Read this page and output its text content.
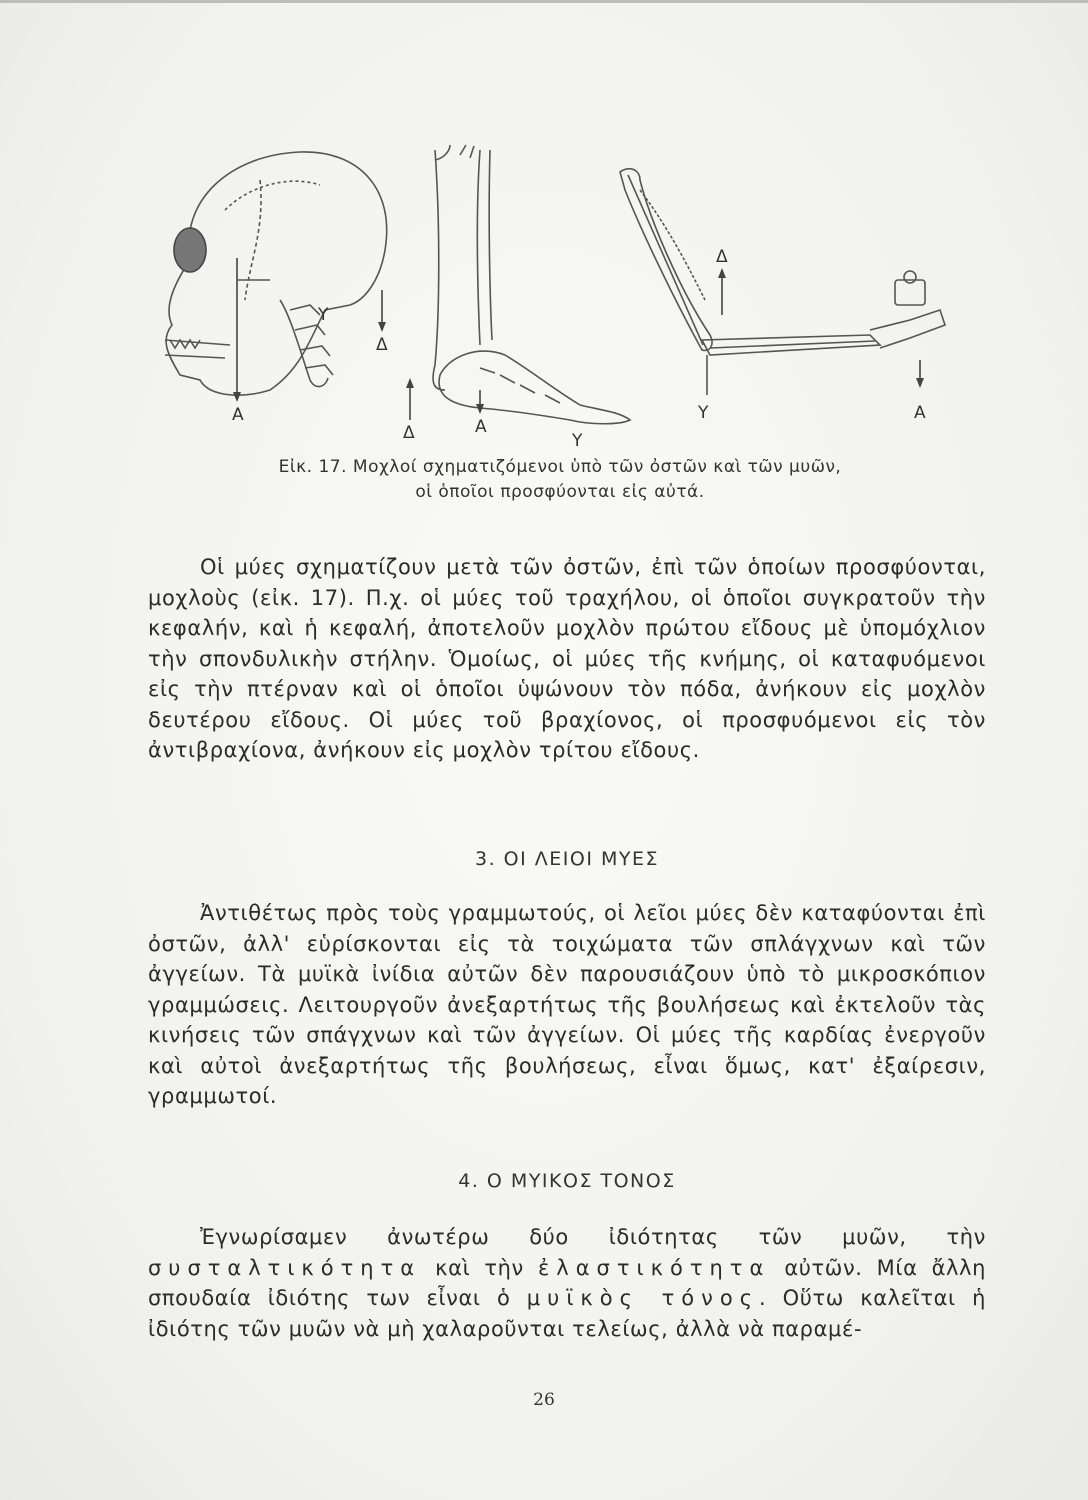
Α
Υ
Δ
Δ	Α
Υ
Δ
Υ	Α
Εἰκ. 17. Μοχλοί σχηματιζόμενοι ὑπὸ τῶν ὀστῶν καὶ τῶν μυῶν,
οἱ ὁποῖοι προσφύονται εἰς αὐτά.

Οἱ μύες σχηματίζουν μετὰ τῶν ὀστῶν, ἐπὶ τῶν ὁποίων προσφύονται, μοχλοὺς (εἰκ. 17). Π.χ. οἱ μύες τοῦ τραχήλου, οἱ ὁποῖοι συγκρατοῦν τὴν κεφαλήν, καὶ ἡ κεφαλή, ἀποτελοῦν μοχλὸν πρώτου εἴδους μὲ ὑπομόχλιον τὴν σπονδυλικὴν στήλην. Ὁμοίως, οἱ μύες τῆς κνήμης, οἱ καταφυόμενοι εἰς τὴν πτέρναν καὶ οἱ ὁποῖοι ὑψώνουν τὸν πόδα, ἀνήκουν εἰς μοχλὸν δευτέρου εἴδους. Οἱ μύες τοῦ βραχίονος, οἱ προσφυόμενοι εἰς τὸν ἀντιβραχίονα, ἀνήκουν εἰς μοχλὸν τρίτου εἴδους.

3. ΟΙ ΛΕΙΟΙ ΜΥΕΣ

Ἀντιθέτως πρὸς τοὺς γραμμωτούς, οἱ λεῖοι μύες δὲν καταφύονται ἐπὶ ὀστῶν, ἀλλ' εὑρίσκονται εἰς τὰ τοιχώματα τῶν σπλάγχνων καὶ τῶν ἀγγείων. Τὰ μυϊκὰ ἰνίδια αὐτῶν δὲν παρουσιάζουν ὑπὸ τὸ μικροσκόπιον γραμμώσεις. Λειτουργοῦν ἀνεξαρτήτως τῆς βουλήσεως καὶ ἐκτελοῦν τὰς κινήσεις τῶν σπάγχνων καὶ τῶν ἀγγείων. Οἱ μύες τῆς καρδίας ἐνεργοῦν καὶ αὐτοὶ ἀνεξαρτήτως τῆς βουλήσεως, εἶναι ὅμως, κατ' ἐξαίρεσιν, γραμμωτοί.

4. Ο ΜΥΙΚΟΣ ΤΟΝΟΣ

Ἐγνωρίσαμεν ἀνωτέρω δύο ἰδιότητας τῶν μυῶν, τὴν συσταλτικότητα καὶ τὴν ἐλαστικότητα αὐτῶν. Μία ἄλλη σπουδαία ἰδιότης των εἶναι ὁ μυϊκὸς τόνος. Οὕτω καλεῖται ἡ ἰδιότης τῶν μυῶν νὰ μὴ χαλαροῦνται τελείως, ἀλλὰ νὰ παραμέ-

26
